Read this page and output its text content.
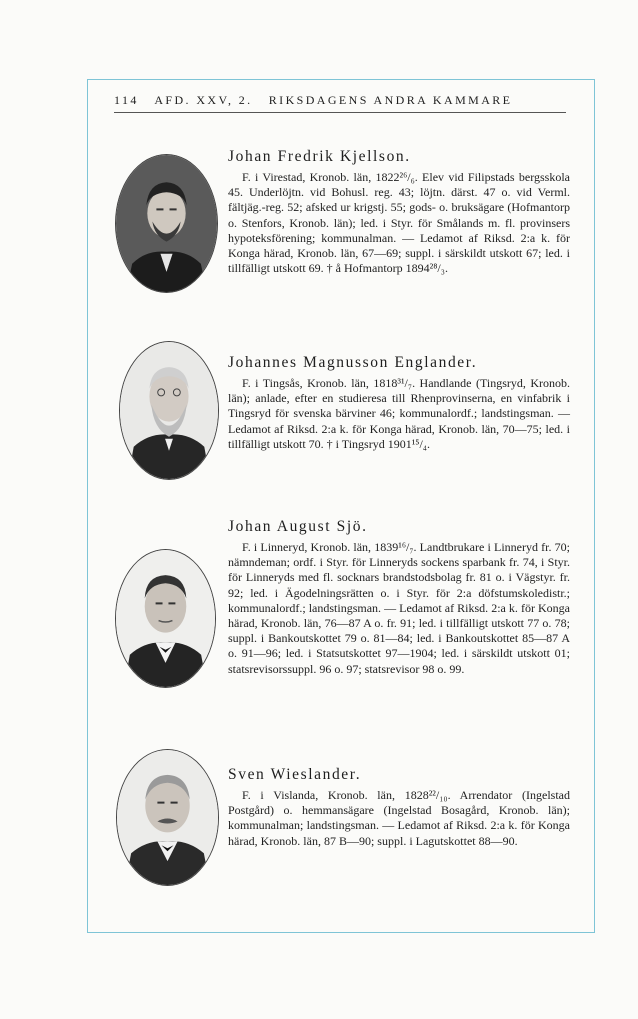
114 AFD. XXV, 2. RIKSDAGENS ANDRA KAMMARE
Johan Fredrik Kjellson.

F. i Virestad, Kronob. län, 1822²⁶/₆. Elev vid Filipstads bergsskola 45. Underlöjtn. vid Bohusl. reg. 43; löjtn. därst. 47 o. vid Verml. fältjäg.-reg. 52; afsked ur krigstj. 55; gods- o. bruksägare (Hofmantorp o. Stenfors, Kronob. län); led. i Styr. för Smålands m. fl. provinsers hypoteksförening; kommunalman. — Ledamot af Riksd. 2:a k. för Konga härad, Kronob. län, 67—69; suppl. i särskildt utskott 67; led. i tillfälligt utskott 69. † å Hofmantorp 1894²⁸/₃.

Johannes Magnusson Englander.

F. i Tingsås, Kronob. län, 1818³¹/₇. Handlande (Tingsryd, Kronob. län); anlade, efter en studieresa till Rhenprovinserna, en vinfabrik i Tingsryd för svenska bärviner 46; kommunalordf.; landstingsman. — Ledamot af Riksd. 2:a k. för Konga härad, Kronob. län, 70—75; led. i tillfälligt utskott 70. † i Tingsryd 1901¹⁵/₄.

Johan August Sjö.

F. i Linneryd, Kronob. län, 1839¹⁶/₇. Landtbrukare i Linneryd fr. 70; nämndeman; ordf. i Styr. för Linneryds sockens sparbank fr. 74, i Styr. för Linneryds med fl. socknars brandstodsbolag fr. 81 o. i Vägstyr. fr. 92; led. i Ägodelningsrätten o. i Styr. för 2:a döfstumskoledistr.; kommunalordf.; landstingsman. — Ledamot af Riksd. 2:a k. för Konga härad, Kronob. län, 76—87 A o. fr. 91; led. i tillfälligt utskott 77 o. 78; suppl. i Bankoutskottet 79 o. 81—84; led. i Bankoutskottet 85—87 A o. 91—96; led. i Statsutskottet 97—1904; led. i särskildt utskott 01; statsrevisorssuppl. 96 o. 97; statsrevisor 98 o. 99.

Sven Wieslander.

F. i Vislanda, Kronob. län, 1828²²/₁₀. Arrendator (Ingelstad Postgård) o. hemmansägare (Ingelstad Bosagård, Kronob. län); kommunalman; landstingsman. — Ledamot af Riksd. 2:a k. för Konga härad, Kronob. län, 87 B—90; suppl. i Lagutskottet 88—90.
